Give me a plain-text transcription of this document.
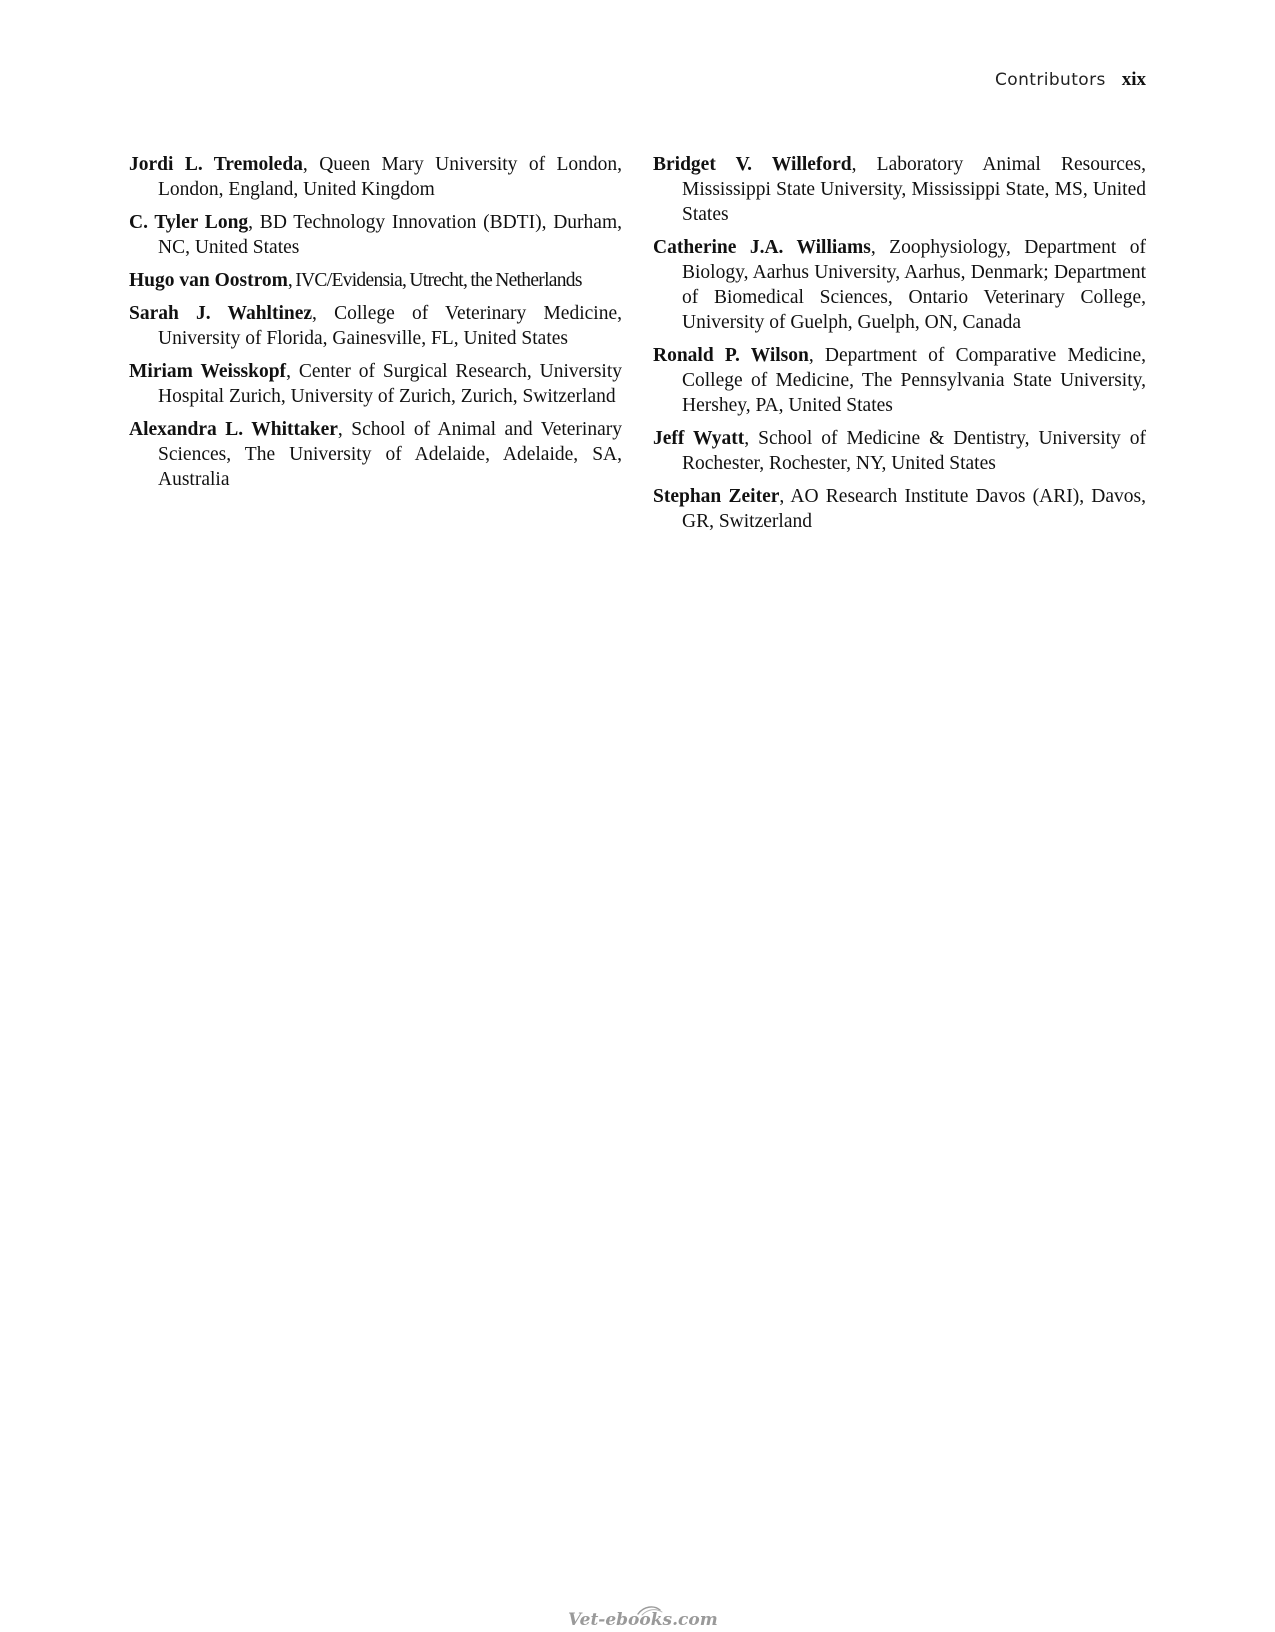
Contributors xix

Jordi L. Tremoleda, Queen Mary University of London, London, England, United Kingdom

C. Tyler Long, BD Technology Innovation (BDTI), Durham, NC, United States

Hugo van Oostrom, IVC/Evidensia, Utrecht, the Netherlands

Sarah J. Wahltinez, College of Veterinary Medicine, University of Florida, Gainesville, FL, United States

Miriam Weisskopf, Center of Surgical Research, University Hospital Zurich, University of Zurich, Zurich, Switzerland

Alexandra L. Whittaker, School of Animal and Veterinary Sciences, The University of Adelaide, Adelaide, SA, Australia

Bridget V. Willeford, Laboratory Animal Resources, Mississippi State University, Mississippi State, MS, United States

Catherine J.A. Williams, Zoophysiology, Department of Biology, Aarhus University, Aarhus, Denmark; Department of Biomedical Sciences, Ontario Veterinary College, University of Guelph, Guelph, ON, Canada

Ronald P. Wilson, Department of Comparative Medicine, College of Medicine, The Pennsylvania State University, Hershey, PA, United States

Jeff Wyatt, School of Medicine & Dentistry, University of Rochester, Rochester, NY, United States

Stephan Zeiter, AO Research Institute Davos (ARI), Davos, GR, Switzerland

Vet-ebooks.com
